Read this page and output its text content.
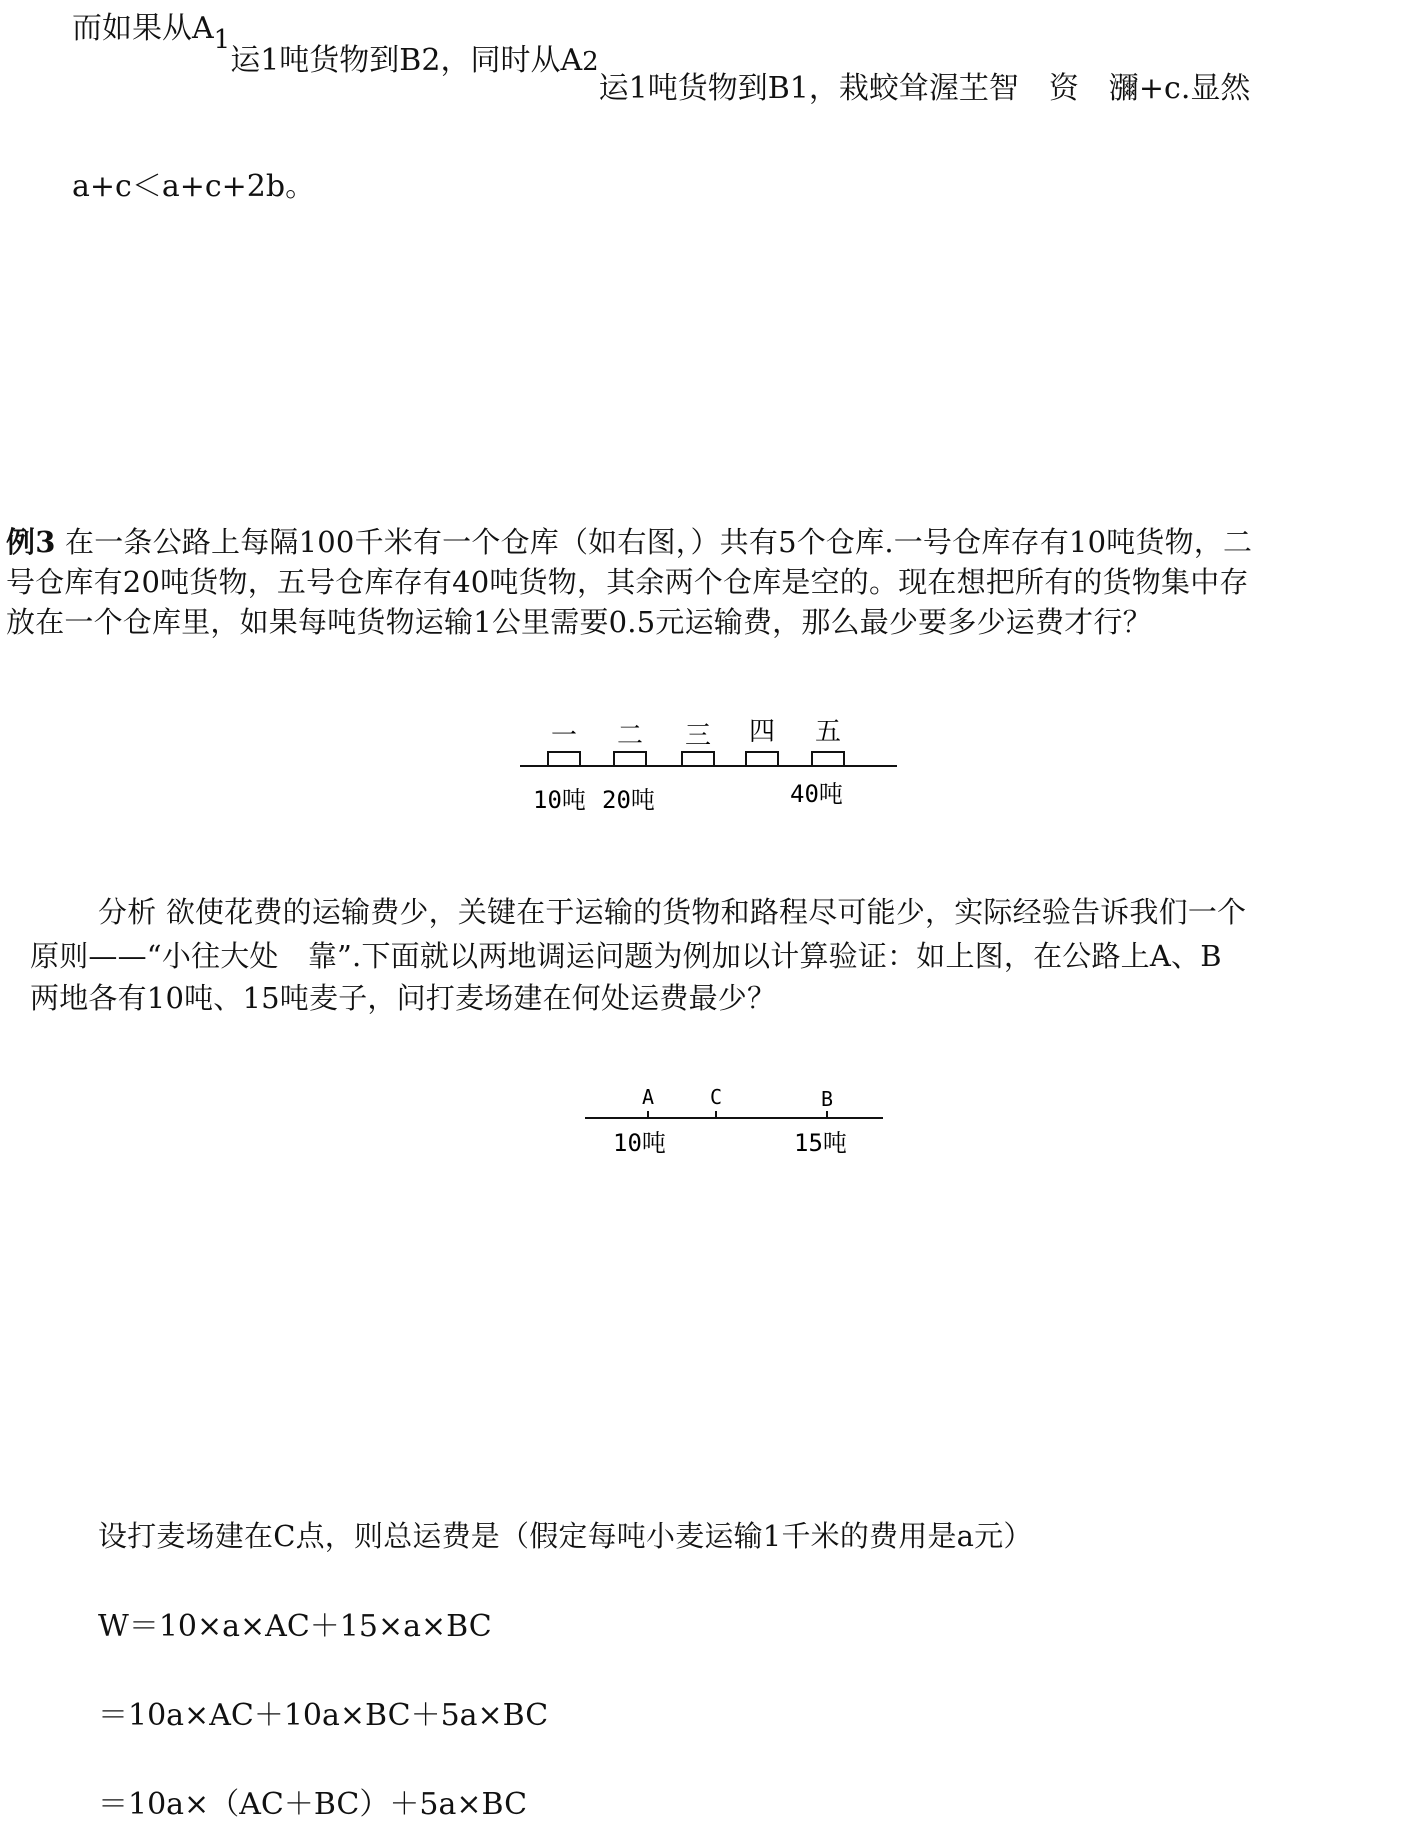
而如果从A1运1吨货物到B2，同时从A2运1吨货物到B1，栽蛟耸渥芏智　资　瀰+c.显然
a+c＜a+c+2b。
例3 在一条公路上每隔100千米有一个仓库（如右图，）共有5个仓库.一号仓库存有10吨货物，二
号仓库有20吨货物，五号仓库存有40吨货物，其余两个仓库是空的。现在想把所有的货物集中存
放在一个仓库里，如果每吨货物运输1公里需要0.5元运输费，那么最少要多少运费才行？
一 二 三 四 五
10吨 20吨	40吨
分析 欲使花费的运输费少，关键在于运输的货物和路程尽可能少，实际经验告诉我们一个
原则——“小往大处　靠”.下面就以两地调运问题为例加以计算验证：如上图，在公路上A、B
两地各有10吨、15吨麦子，问打麦场建在何处运费最少？
A	C	B
10吨	15吨
设打麦场建在C点，则总运费是（假定每吨小麦运输1千米的费用是a元）
W＝10×a×AC＋15×a×BC
＝10a×AC＋10a×BC＋5a×BC
＝10a×（AC＋BC）＋5a×BC
